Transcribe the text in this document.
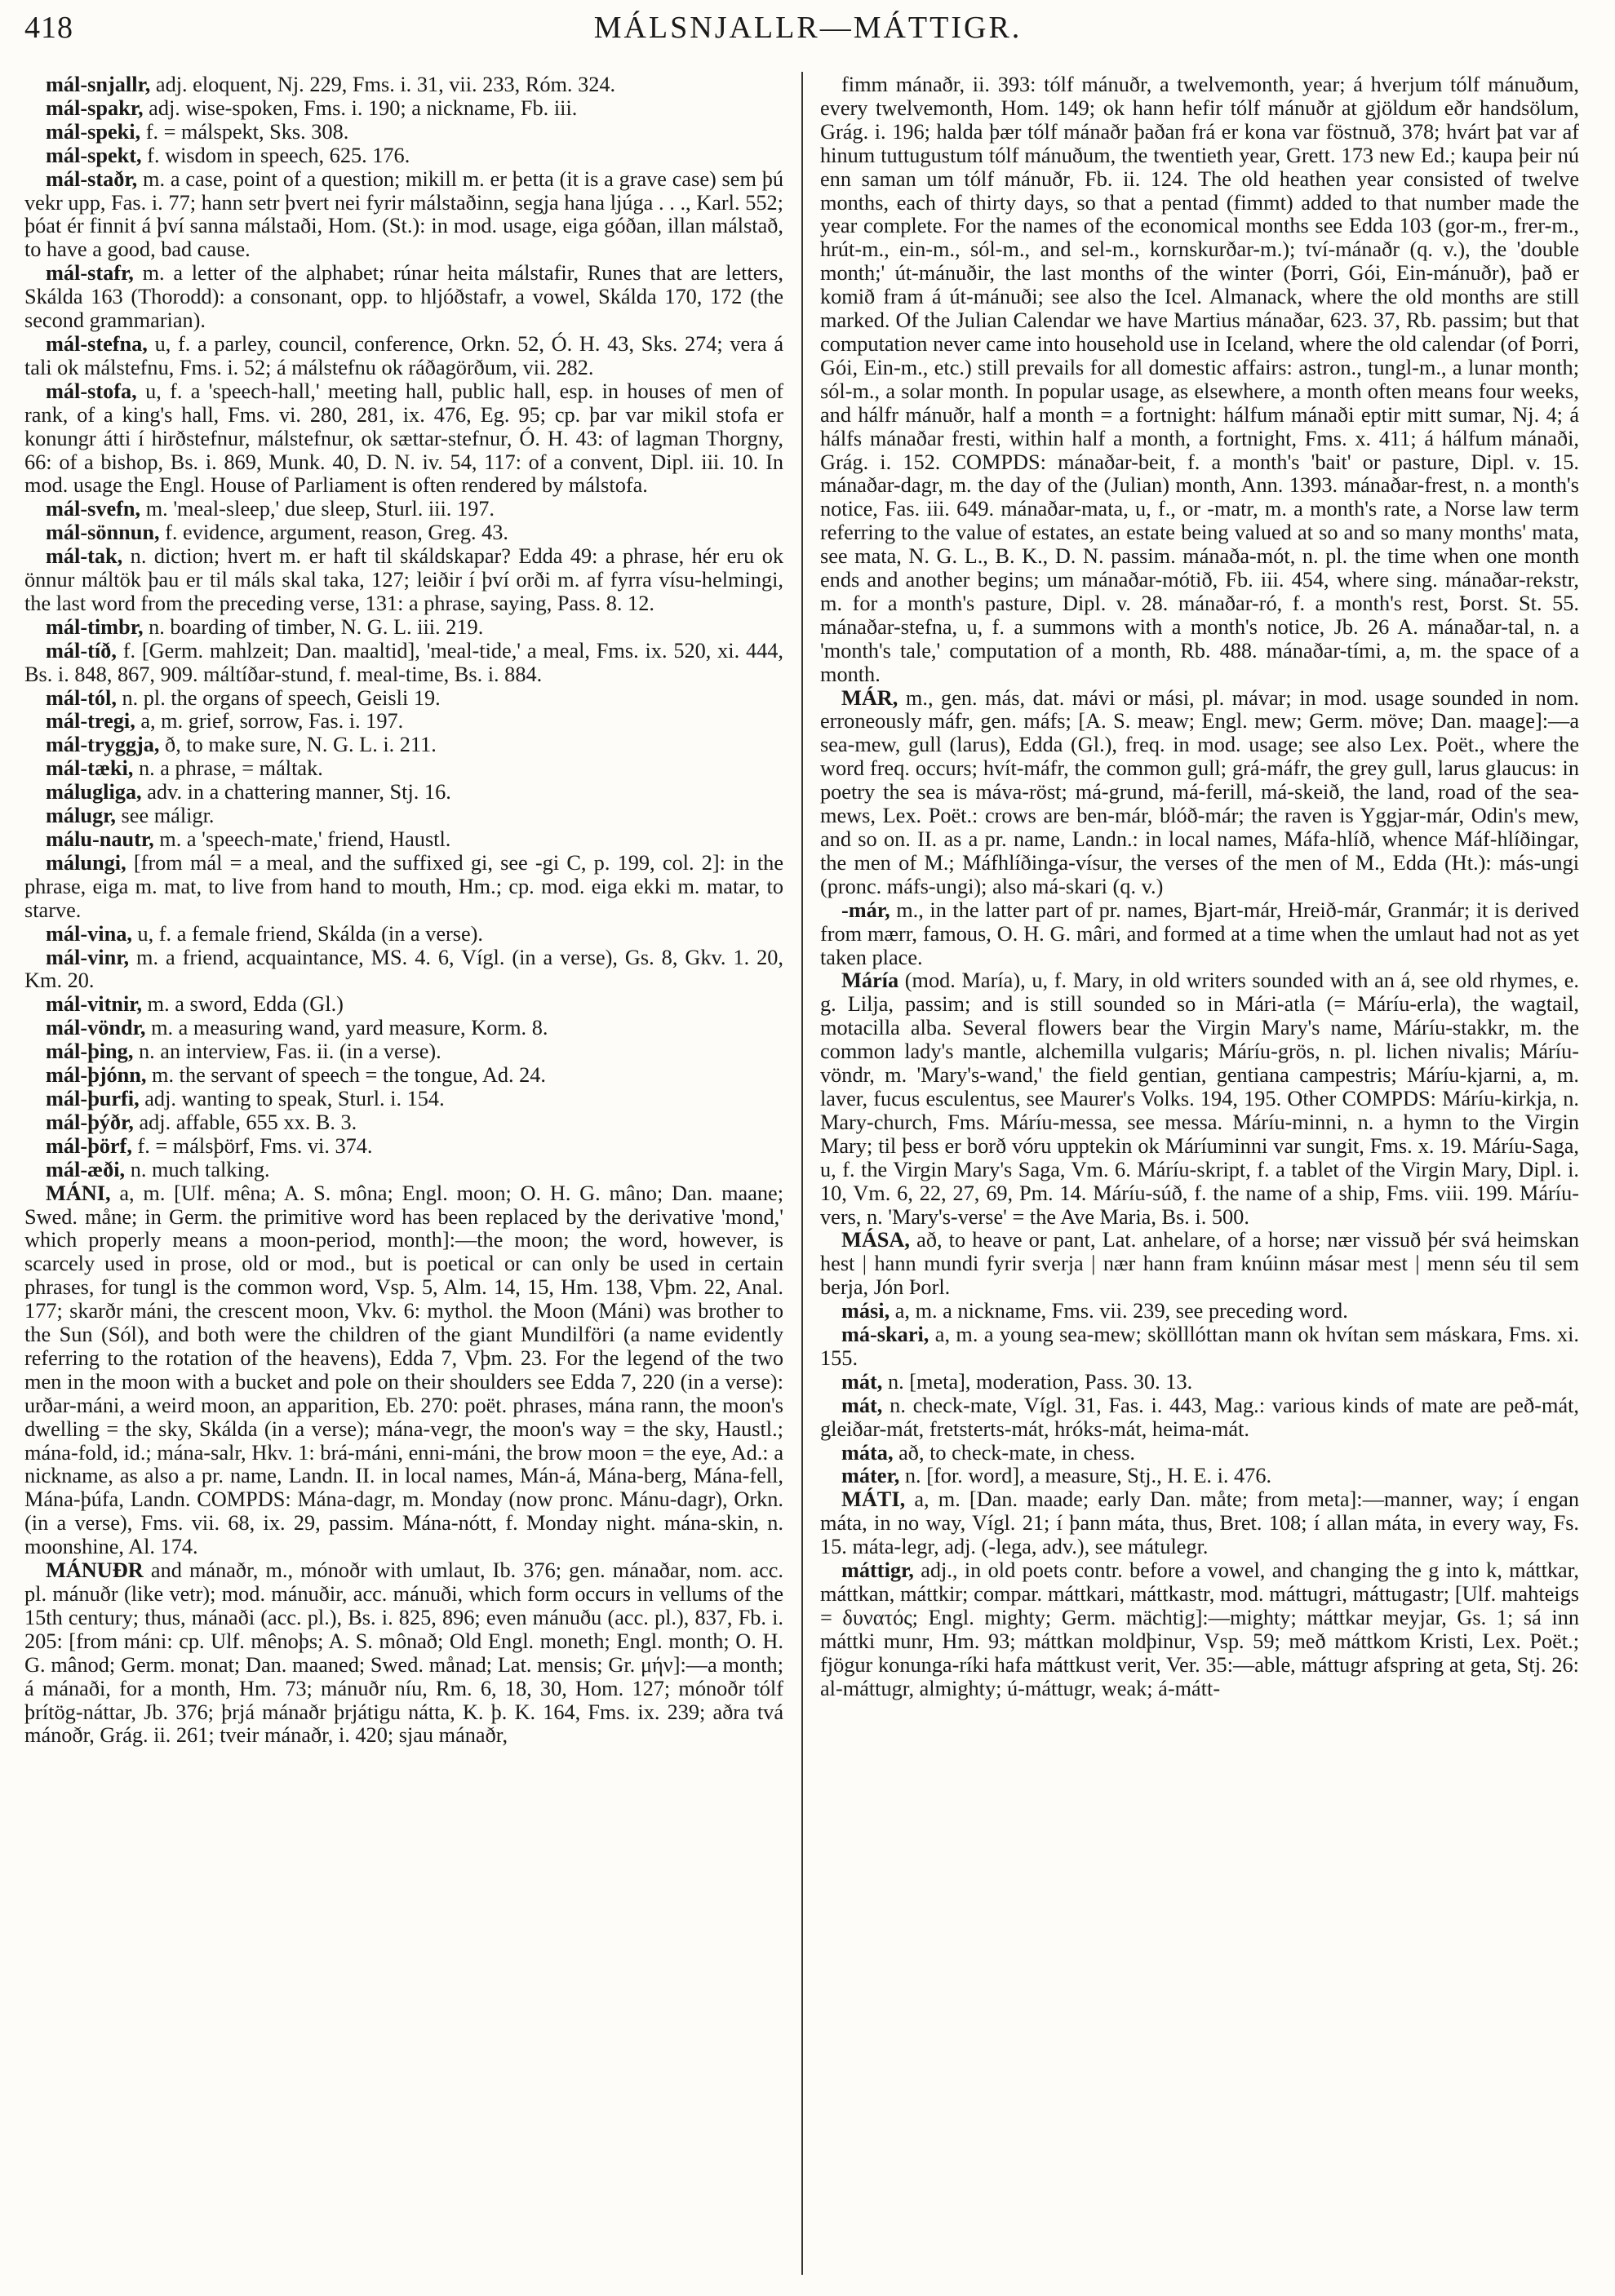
418	MÁLSNJALLR—MÁTTIGR.

mál-snjallr, adj. eloquent, Nj. 229, Fms. i. 31, vii. 233, Róm. 324.

mál-spakr, adj. wise-spoken, Fms. i. 190; a nickname, Fb. iii.

mál-speki, f. = málspekt, Sks. 308.

mál-spekt, f. wisdom in speech, 625. 176.

mál-staðr, m. a case, point of a question; mikill m. er þetta (it is a grave case) sem þú vekr upp, Fas. i. 77; hann setr þvert nei fyrir málstaðinn, segja hana ljúga . . ., Karl. 552; þóat ér finnit á því sanna málstaði, Hom. (St.): in mod. usage, eiga góðan, illan málstað, to have a good, bad cause.

mál-stafr, m. a letter of the alphabet; rúnar heita málstafir, Runes that are letters, Skálda 163 (Thorodd): a consonant, opp. to hljóðstafr, a vowel, Skálda 170, 172 (the second grammarian).

mál-stefna, u, f. a parley, council, conference, Orkn. 52, Ó. H. 43, Sks. 274; vera á tali ok málstefnu, Fms. i. 52; á málstefnu ok ráðagörðum, vii. 282.

mál-stofa, u, f. a 'speech-hall,' meeting hall, public hall, esp. in houses of men of rank, of a king's hall, Fms. vi. 280, 281, ix. 476, Eg. 95; cp. þar var mikil stofa er konungr átti í hirðstefnur, málstefnur, ok sættar-stefnur, Ó. H. 43: of lagman Thorgny, 66: of a bishop, Bs. i. 869, Munk. 40, D. N. iv. 54, 117: of a convent, Dipl. iii. 10. In mod. usage the Engl. House of Parliament is often rendered by málstofa.

mál-svefn, m. 'meal-sleep,' due sleep, Sturl. iii. 197.

mál-sönnun, f. evidence, argument, reason, Greg. 43.

mál-tak, n. diction; hvert m. er haft til skáldskapar? Edda 49: a phrase, hér eru ok önnur máltök þau er til máls skal taka, 127; leiðir í því orði m. af fyrra vísu-helmingi, the last word from the preceding verse, 131: a phrase, saying, Pass. 8. 12.

mál-timbr, n. boarding of timber, N. G. L. iii. 219.

mál-tíð, f. [Germ. mahlzeit; Dan. maaltid], 'meal-tide,' a meal, Fms. ix. 520, xi. 444, Bs. i. 848, 867, 909. máltíðar-stund, f. meal-time, Bs. i. 884.

mál-tól, n. pl. the organs of speech, Geisli 19.

mál-tregi, a, m. grief, sorrow, Fas. i. 197.

mál-tryggja, ð, to make sure, N. G. L. i. 211.

mál-tæki, n. a phrase, = máltak.

málugliga, adv. in a chattering manner, Stj. 16.

málugr, see máligr.

málu-nautr, m. a 'speech-mate,' friend, Haustl.

málungi, [from mál = a meal, and the suffixed gi, see -gi C, p. 199, col. 2]: in the phrase, eiga m. mat, to live from hand to mouth, Hm.; cp. mod. eiga ekki m. matar, to starve.

mál-vina, u, f. a female friend, Skálda (in a verse).

mál-vinr, m. a friend, acquaintance, MS. 4. 6, Vígl. (in a verse), Gs. 8, Gkv. 1. 20, Km. 20.

mál-vitnir, m. a sword, Edda (Gl.)

mál-vöndr, m. a measuring wand, yard measure, Korm. 8.

mál-þing, n. an interview, Fas. ii. (in a verse).

mál-þjónn, m. the servant of speech = the tongue, Ad. 24.

mál-þurfi, adj. wanting to speak, Sturl. i. 154.

mál-þýðr, adj. affable, 655 xx. B. 3.

mál-þörf, f. = málsþörf, Fms. vi. 374.

mál-æði, n. much talking.

MÁNI, a, m. [Ulf. mêna; A. S. môna; Engl. moon; O. H. G. mâno; Dan. maane; Swed. måne; in Germ. the primitive word has been replaced by the derivative 'mond,' which properly means a moon-period, month]:—the moon; the word, however, is scarcely used in prose, old or mod., but is poetical or can only be used in certain phrases, for tungl is the common word, Vsp. 5, Alm. 14, 15, Hm. 138, Vþm. 22, Anal. 177; skarðr máni, the crescent moon, Vkv. 6: mythol. the Moon (Máni) was brother to the Sun (Sól), and both were the children of the giant Mundilföri (a name evidently referring to the rotation of the heavens), Edda 7, Vþm. 23. For the legend of the two men in the moon with a bucket and pole on their shoulders see Edda 7, 220 (in a verse): urðar-máni, a weird moon, an apparition, Eb. 270: poët. phrases, mána rann, the moon's dwelling = the sky, Skálda (in a verse); mána-vegr, the moon's way = the sky, Haustl.; mána-fold, id.; mána-salr, Hkv. 1: brá-máni, enni-máni, the brow moon = the eye, Ad.: a nickname, as also a pr. name, Landn. II. in local names, Mán-á, Mána-berg, Mána-fell, Mána-þúfa, Landn. COMPDS: Mána-dagr, m. Monday (now pronc. Mánu-dagr), Orkn. (in a verse), Fms. vii. 68, ix. 29, passim. Mána-nótt, f. Monday night. mána-skin, n. moonshine, Al. 174.

MÁNUÐR and mánaðr, m., mónoðr with umlaut, Ib. 376; gen. mánaðar, nom. acc. pl. mánuðr (like vetr); mod. mánuðir, acc. mánuði, which form occurs in vellums of the 15th century; thus, mánaði (acc. pl.), Bs. i. 825, 896; even mánuðu (acc. pl.), 837, Fb. i. 205: [from máni: cp. Ulf. mênoþs; A. S. mônað; Old Engl. moneth; Engl. month; O. H. G. mânod; Germ. monat; Dan. maaned; Swed. månad; Lat. mensis; Gr. μήν]:—a month; á mánaði, for a month, Hm. 73; mánuðr níu, Rm. 6, 18, 30, Hom. 127; mónoðr tólf þrítög-náttar, Jb. 376; þrjá mánaðr þrjátigu nátta, K. þ. K. 164, Fms. ix. 239; aðra tvá mánoðr, Grág. ii. 261; tveir mánaðr, i. 420; sjau mánaðr,

fimm mánaðr, ii. 393: tólf mánuðr, a twelvemonth, year; á hverjum tólf mánuðum, every twelvemonth, Hom. 149; ok hann hefir tólf mánuðr at gjöldum eðr handsölum, Grág. i. 196; halda þær tólf mánaðr þaðan frá er kona var föstnuð, 378; hvárt þat var af hinum tuttugustum tólf mánuðum, the twentieth year, Grett. 173 new Ed.; kaupa þeir nú enn saman um tólf mánuðr, Fb. ii. 124. The old heathen year consisted of twelve months, each of thirty days, so that a pentad (fimmt) added to that number made the year complete. For the names of the economical months see Edda 103 (gor-m., frer-m., hrút-m., ein-m., sól-m., and sel-m., kornskurðar-m.); tví-mánaðr (q. v.), the 'double month;' út-mánuðir, the last months of the winter (Þorri, Gói, Ein-mánuðr), það er komið fram á út-mánuði; see also the Icel. Almanack, where the old months are still marked. Of the Julian Calendar we have Martius mánaðar, 623. 37, Rb. passim; but that computation never came into household use in Iceland, where the old calendar (of Þorri, Gói, Ein-m., etc.) still prevails for all domestic affairs: astron., tungl-m., a lunar month; sól-m., a solar month. In popular usage, as elsewhere, a month often means four weeks, and hálfr mánuðr, half a month = a fortnight: hálfum mánaði eptir mitt sumar, Nj. 4; á hálfs mánaðar fresti, within half a month, a fortnight, Fms. x. 411; á hálfum mánaði, Grág. i. 152. COMPDS: mánaðar-beit, f. a month's 'bait' or pasture, Dipl. v. 15. mánaðar-dagr, m. the day of the (Julian) month, Ann. 1393. mánaðar-frest, n. a month's notice, Fas. iii. 649. mánaðar-mata, u, f., or -matr, m. a month's rate, a Norse law term referring to the value of estates, an estate being valued at so and so many months' mata, see mata, N. G. L., B. K., D. N. passim. mánaða-mót, n. pl. the time when one month ends and another begins; um mánaðar-mótið, Fb. iii. 454, where sing. mánaðar-rekstr, m. for a month's pasture, Dipl. v. 28. mánaðar-ró, f. a month's rest, Þorst. St. 55. mánaðar-stefna, u, f. a summons with a month's notice, Jb. 26 A. mánaðar-tal, n. a 'month's tale,' computation of a month, Rb. 488. mánaðar-tími, a, m. the space of a month.

MÁR, m., gen. más, dat. mávi or mási, pl. mávar; in mod. usage sounded in nom. erroneously máfr, gen. máfs; [A. S. meaw; Engl. mew; Germ. möve; Dan. maage]:—a sea-mew, gull (larus), Edda (Gl.), freq. in mod. usage; see also Lex. Poët., where the word freq. occurs; hvít-máfr, the common gull; grá-máfr, the grey gull, larus glaucus: in poetry the sea is máva-röst; má-grund, má-ferill, má-skeið, the land, road of the sea-mews, Lex. Poët.: crows are ben-már, blóð-már; the raven is Yggjar-már, Odin's mew, and so on. II. as a pr. name, Landn.: in local names, Máfa-hlíð, whence Máf-hlíðingar, the men of M.; Máfhlíðinga-vísur, the verses of the men of M., Edda (Ht.): más-ungi (pronc. máfs-ungi); also má-skari (q. v.)

-már, m., in the latter part of pr. names, Bjart-már, Hreið-már, Granmár; it is derived from mærr, famous, O. H. G. mâri, and formed at a time when the umlaut had not as yet taken place.

Máría (mod. María), u, f. Mary, in old writers sounded with an á, see old rhymes, e. g. Lilja, passim; and is still sounded so in Mári-atla (= Máríu-erla), the wagtail, motacilla alba. Several flowers bear the Virgin Mary's name, Máríu-stakkr, m. the common lady's mantle, alchemilla vulgaris; Máríu-grös, n. pl. lichen nivalis; Máríu-vöndr, m. 'Mary's-wand,' the field gentian, gentiana campestris; Máríu-kjarni, a, m. laver, fucus esculentus, see Maurer's Volks. 194, 195. Other COMPDS: Máríu-kirkja, n. Mary-church, Fms. Máríu-messa, see messa. Máríu-minni, n. a hymn to the Virgin Mary; til þess er borð vóru upptekin ok Máríuminni var sungit, Fms. x. 19. Máríu-Saga, u, f. the Virgin Mary's Saga, Vm. 6. Máríu-skript, f. a tablet of the Virgin Mary, Dipl. i. 10, Vm. 6, 22, 27, 69, Pm. 14. Máríu-súð, f. the name of a ship, Fms. viii. 199. Máríu-vers, n. 'Mary's-verse' = the Ave Maria, Bs. i. 500.

MÁSA, að, to heave or pant, Lat. anhelare, of a horse; nær vissuð þér svá heimskan hest | hann mundi fyrir sverja | nær hann fram knúinn másar mest | menn séu til sem berja, Jón Þorl.

mási, a, m. a nickname, Fms. vii. 239, see preceding word.

má-skari, a, m. a young sea-mew; skölllóttan mann ok hvítan sem máskara, Fms. xi. 155.

mát, n. [meta], moderation, Pass. 30. 13.

mát, n. check-mate, Vígl. 31, Fas. i. 443, Mag.: various kinds of mate are peð-mát, gleiðar-mát, fretsterts-mát, hróks-mát, heima-mát.

máta, að, to check-mate, in chess.

máter, n. [for. word], a measure, Stj., H. E. i. 476.

MÁTI, a, m. [Dan. maade; early Dan. måte; from meta]:—manner, way; í engan máta, in no way, Vígl. 21; í þann máta, thus, Bret. 108; í allan máta, in every way, Fs. 15. máta-legr, adj. (-lega, adv.), see mátulegr.

máttigr, adj., in old poets contr. before a vowel, and changing the g into k, máttkar, máttkan, máttkir; compar. máttkari, máttkastr, mod. máttugri, máttugastr; [Ulf. mahteigs = δυνατός; Engl. mighty; Germ. mächtig]:—mighty; máttkar meyjar, Gs. 1; sá inn máttki munr, Hm. 93; máttkan moldþinur, Vsp. 59; með máttkom Kristi, Lex. Poët.; fjögur konunga-ríki hafa máttkust verit, Ver. 35:—able, máttugr afspring at geta, Stj. 26: al-máttugr, almighty; ú-máttugr, weak; á-mátt-
